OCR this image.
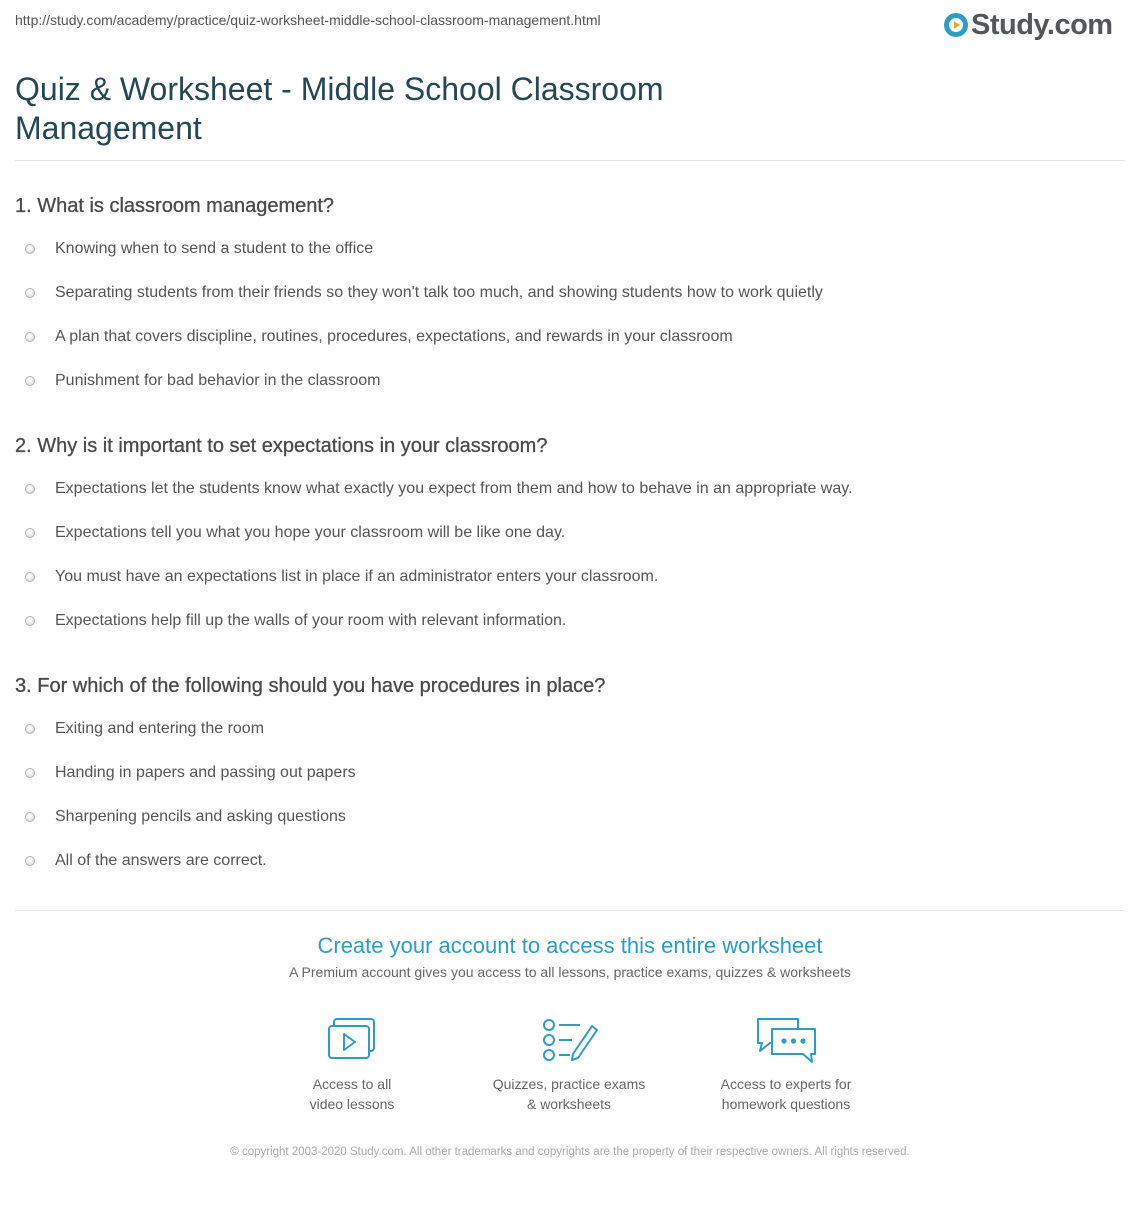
http://study.com/academy/practice/quiz-worksheet-middle-school-classroom-management.html	Study.com
Quiz & Worksheet - Middle School Classroom Management
1. What is classroom management?
Knowing when to send a student to the office
Separating students from their friends so they won't talk too much, and showing students how to work quietly
A plan that covers discipline, routines, procedures, expectations, and rewards in your classroom
Punishment for bad behavior in the classroom
2. Why is it important to set expectations in your classroom?
Expectations let the students know what exactly you expect from them and how to behave in an appropriate way.
Expectations tell you what you hope your classroom will be like one day.
You must have an expectations list in place if an administrator enters your classroom.
Expectations help fill up the walls of your room with relevant information.
3. For which of the following should you have procedures in place?
Exiting and entering the room
Handing in papers and passing out papers
Sharpening pencils and asking questions
All of the answers are correct.
Create your account to access this entire worksheet
A Premium account gives you access to all lessons, practice exams, quizzes & worksheets
Access to all
video lessons
Quizzes, practice exams
& worksheets
Access to experts for
homework questions
© copyright 2003-2020 Study.com. All other trademarks and copyrights are the property of their respective owners. All rights reserved.
